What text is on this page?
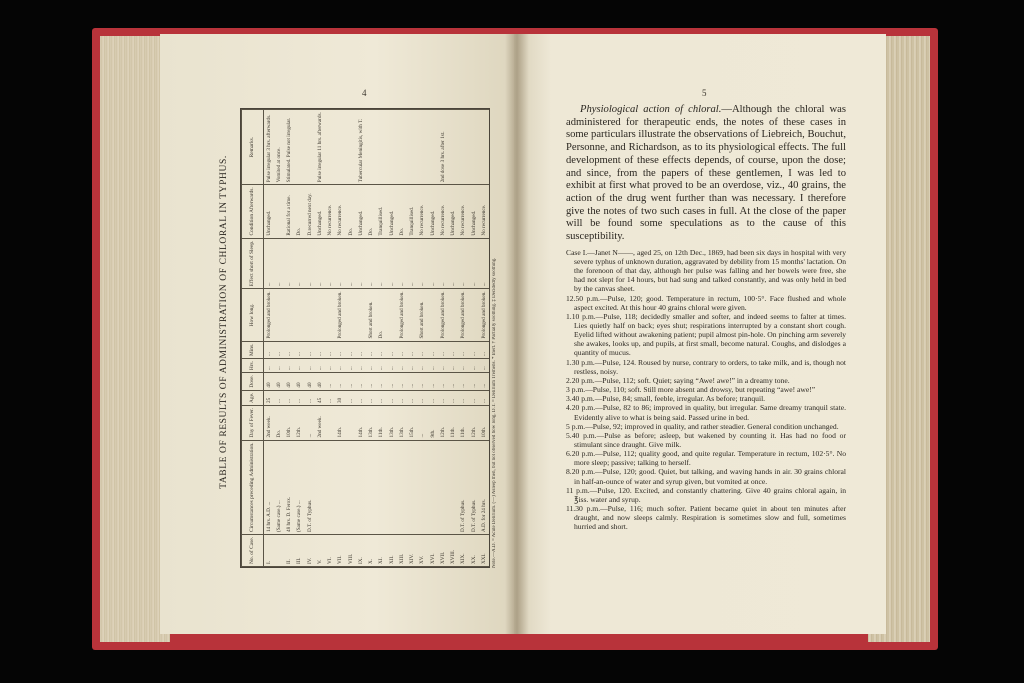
4	5
TABLE OF RESULTS OF ADMINISTRATION OF CHLORAL IN TYPHUS.
No. of Case.	Circumstances preceding Administration.	Day of Fever.	Age.	Dose.	Hrs.	Mins.	How long.	Effect short of Sleep.	Condition Afterwards.	Remarks.
I.	14 hrs. A.D. ...	2nd week.	25	40	...	...	Prolonged and broken.	...	Unchanged.	Pulse irregular 3 hrs. afterwards.
	(Same case.) ...	Do.	...	40	...	...		...		Vomited at once.
II.	48 hrs. D. Ferox.	10th.	...	40	...	...		...	Rational for a time.	Stimulated. Pulse not irregular.
III.	(Same case.) ...	12th.	...	40	...	...		...	Do.	
IV.	D.T. of Typhus.	...	...	40	...	...		...	D.recurred next day.	
V.		2nd week.	45	40	...	...		...	Unchanged.	Pulse irregular 11 hrs. afterwards.
VI.			...	...	...	...		...	No recurrence.	
VII.		14th.	30	...	...	...	Prolonged and broken.	...	No recurrence.	
VIII.			...	...	...	...		...	Do.	
IX.		14th.	...	...	...	...		...	Unchanged.	Tubercular Meningitis, with T.
X.		13th.	...	...	...	...	Short and broken.	...	Do.	
XI.		11th.	...	...	...	...	Do.	...	Tranquillised.	
XII.		13th.	...	...	...	...		...	Unchanged.	
XIII.		13th.	...	...	...	...	Prolonged and broken.	...	Do.	
XIV.		15th.	...	...	...	...		...	Tranquillised.	
XV.		...	...	...	...	...	Short and broken.	...	No recurrence.	
XVI.		9th.	...	...	...	...		...	Unchanged.	
XVII.		12th.	...	...	...	...	Prolonged and broken.	...	No recurrence.	2nd dose 3 hrs. after 1st.
XVIII.		11th.	...	...	...	...		...	Unchanged.	
XIX.	D.T. of Typhus.	11th.	...	...	...	...	Prolonged and broken.	...	No recurrence.	
XX.	D.T. of Typhus.	12th.	...	...	...	...		...	Unchanged.	
XXI.	A.D. for 24 hrs.	10th.	...	...	...	...	Prolonged and broken.	...	No recurrence.	
Note.—A.D. = Acute Delirium. (—) Asleep then, but not observed how long. D.T. = Delirium Tremens. * Inert. † Partially soothing. ‡ Decidedly soothing.

Physiological action of chloral.—Although the chloral was administered for therapeutic ends, the notes of these cases in some particulars illustrate the observations of Liebreich, Bouchut, Personne, and Richardson, as to its physiological effects. The full development of these effects depends, of course, upon the dose; and since, from the papers of these gentlemen, I was led to exhibit at first what proved to be an overdose, viz., 40 grains, the action of the drug went further than was necessary. I therefore give the notes of two such cases in full. At the close of the paper will be found some speculations as to the cause of this susceptibility.

Case I.—Janet N——, aged 25, on 12th Dec., 1869, had been six days in hospital with very severe typhus of unknown duration, aggravated by debility from 15 months' lactation. On the forenoon of that day, although her pulse was falling and her bowels were free, she had not slept for 14 hours, but had sung and talked constantly, and was only held in bed by the canvas sheet.

12.50 p.m.—Pulse, 120; good. Temperature in rectum, 100·5°. Face flushed and whole aspect excited. At this hour 40 grains chloral were given.

1.10 p.m.—Pulse, 118; decidedly smaller and softer, and indeed seems to falter at times. Lies quietly half on back; eyes shut; respirations interrupted by a constant short cough. Eyelid lifted without awakening patient; pupil almost pin-hole. On pinching arm severely she awakes, looks up, and pupils, at first small, become natural. Coughs, and dislodges a quantity of mucus.

1.30 p.m.—Pulse, 124. Roused by nurse, contrary to orders, to take milk, and is, though not restless, noisy.

2.20 p.m.—Pulse, 112; soft. Quiet; saying “Awe! awe!” in a dreamy tone.

3 p.m.—Pulse, 110; soft. Still more absent and drowsy, but repeating “awe! awe!”

3.40 p.m.—Pulse, 84; small, feeble, irregular. As before; tranquil.

4.20 p.m.—Pulse, 82 to 86; improved in quality, but irregular. Same dreamy tranquil state. Evidently alive to what is being said. Passed urine in bed.

5 p.m.—Pulse, 92; improved in quality, and rather steadier. General condition unchanged.

5.40 p.m.—Pulse as before; asleep, but wakened by counting it. Has had no food or stimulant since draught. Give milk.

6.20 p.m.—Pulse, 112; quality good, and quite regular. Temperature in rectum, 102·5°. No more sleep; passive; talking to herself.

8.20 p.m.—Pulse, 120; good. Quiet, but talking, and waving hands in air. 30 grains chloral in half-an-ounce of water and syrup given, but vomited at once.

11 p.m.—Pulse, 120. Excited, and constantly chattering. Give 40 grains chloral again, in ℥iss. water and syrup.

11.30 p.m.—Pulse, 116; much softer. Patient became quiet in about ten minutes after draught, and now sleeps calmly. Respiration is sometimes slow and full, sometimes hurried and short.
